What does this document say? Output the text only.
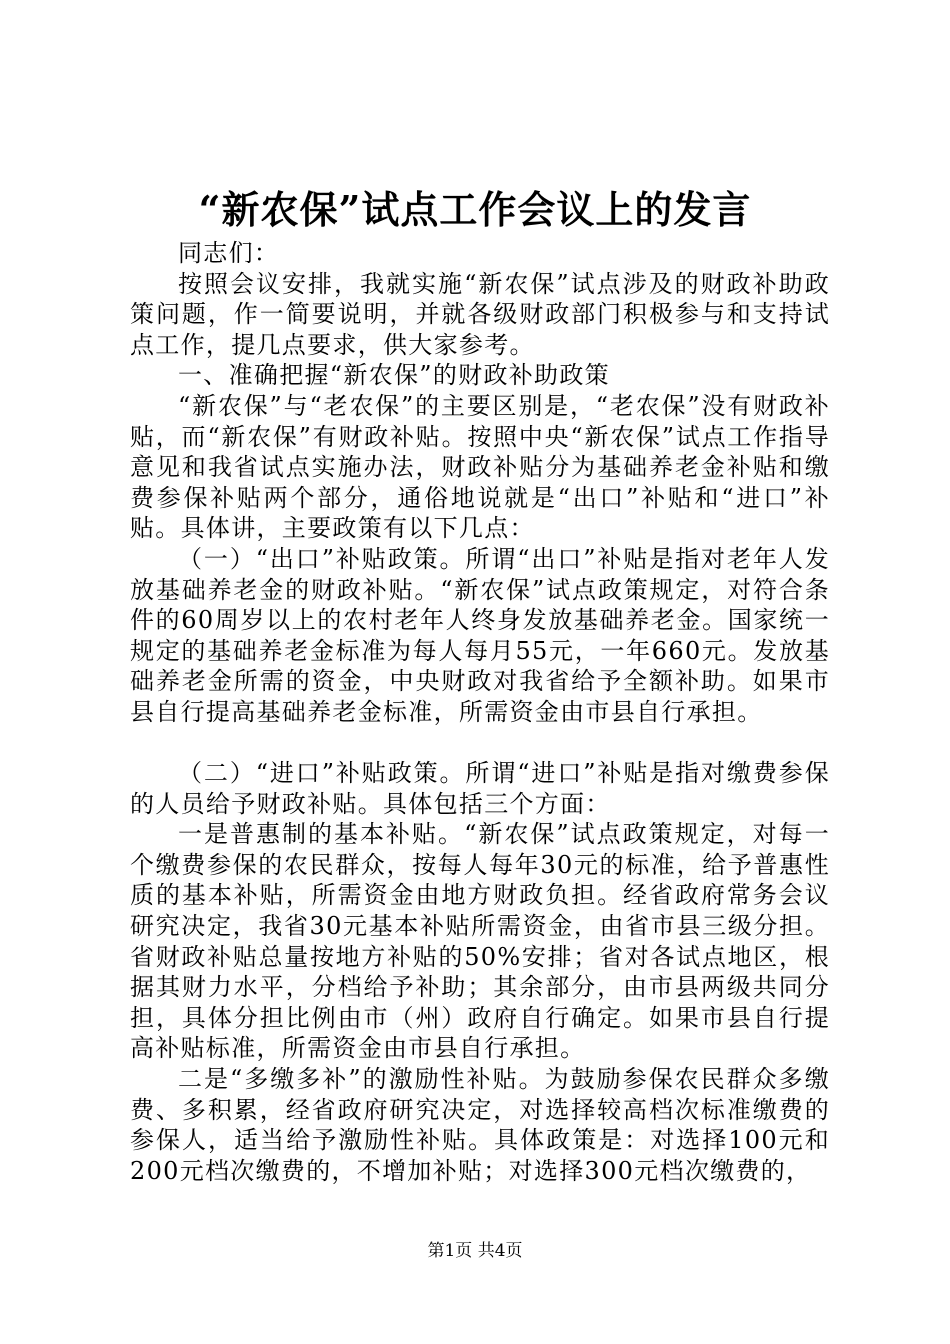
“新农保”试点工作会议上的发言

同志们：

按照会议安排，我就实施“新农保”试点涉及的财政补助政策问题，作一简要说明，并就各级财政部门积极参与和支持试点工作，提几点要求，供大家参考。

一、准确把握“新农保”的财政补助政策

“新农保”与“老农保”的主要区别是，“老农保”没有财政补贴，而“新农保”有财政补贴。按照中央“新农保”试点工作指导意见和我省试点实施办法，财政补贴分为基础养老金补贴和缴费参保补贴两个部分，通俗地说就是“出口”补贴和“进口”补贴。具体讲，主要政策有以下几点：

（一）“出口”补贴政策。所谓“出口”补贴是指对老年人发放基础养老金的财政补贴。“新农保”试点政策规定，对符合条件的60周岁以上的农村老年人终身发放基础养老金。国家统一规定的基础养老金标准为每人每月55元，一年660元。发放基础养老金所需的资金，中央财政对我省给予全额补助。如果市县自行提高基础养老金标准，所需资金由市县自行承担。

（二）“进口”补贴政策。所谓“进口”补贴是指对缴费参保的人员给予财政补贴。具体包括三个方面：

一是普惠制的基本补贴。“新农保”试点政策规定，对每一个缴费参保的农民群众，按每人每年30元的标准，给予普惠性质的基本补贴，所需资金由地方财政负担。经省政府常务会议研究决定，我省30元基本补贴所需资金，由省市县三级分担。省财政补贴总量按地方补贴的50%安排；省对各试点地区，根据其财力水平，分档给予补助；其余部分，由市县两级共同分担，具体分担比例由市（州）政府自行确定。如果市县自行提高补贴标准，所需资金由市县自行承担。

二是“多缴多补”的激励性补贴。为鼓励参保农民群众多缴费、多积累，经省政府研究决定，对选择较高档次标准缴费的参保人，适当给予激励性补贴。具体政策是：对选择100元和200元档次缴费的，不增加补贴；对选择300元档次缴费的，

第1页 共4页
